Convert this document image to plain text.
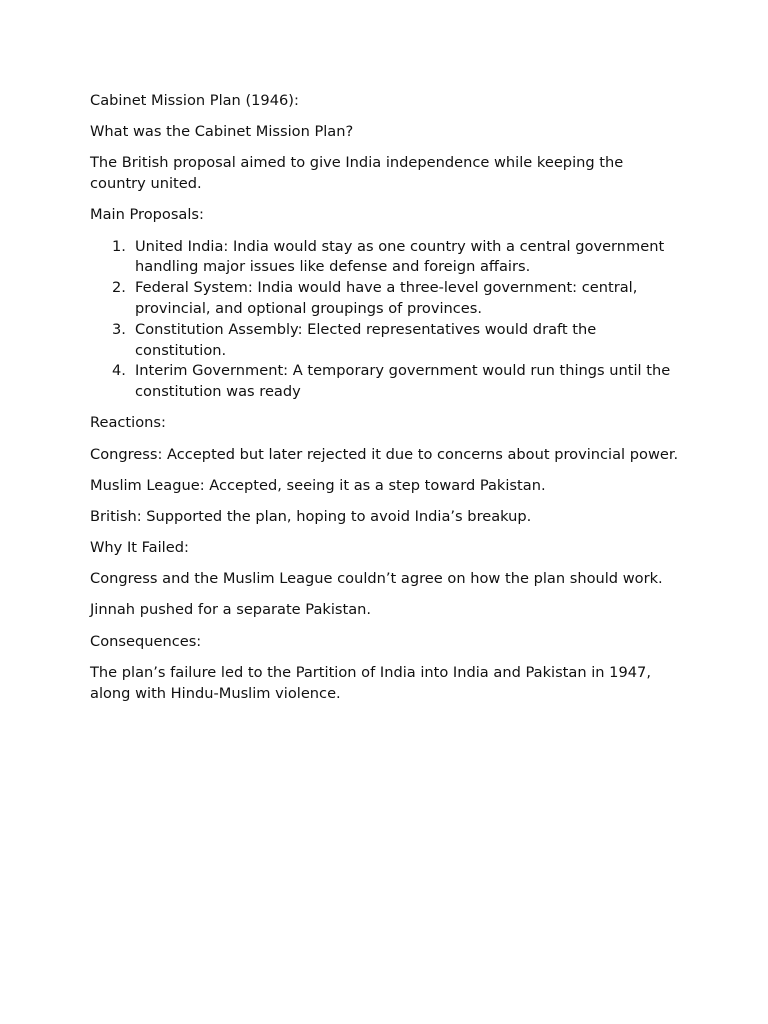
Cabinet Mission Plan (1946):

What was the Cabinet Mission Plan?

The British proposal aimed to give India independence while keeping the country united.

Main Proposals:

1. United India: India would stay as one country with a central government handling major issues like defense and foreign affairs.
2. Federal System: India would have a three-level government: central, provincial, and optional groupings of provinces.
3. Constitution Assembly: Elected representatives would draft the constitution.
4. Interim Government: A temporary government would run things until the constitution was ready

Reactions:

Congress: Accepted but later rejected it due to concerns about provincial power.

Muslim League: Accepted, seeing it as a step toward Pakistan.

British: Supported the plan, hoping to avoid India’s breakup.

Why It Failed:

Congress and the Muslim League couldn’t agree on how the plan should work.

Jinnah pushed for a separate Pakistan.

Consequences:

The plan’s failure led to the Partition of India into India and Pakistan in 1947, along with Hindu-Muslim violence.
